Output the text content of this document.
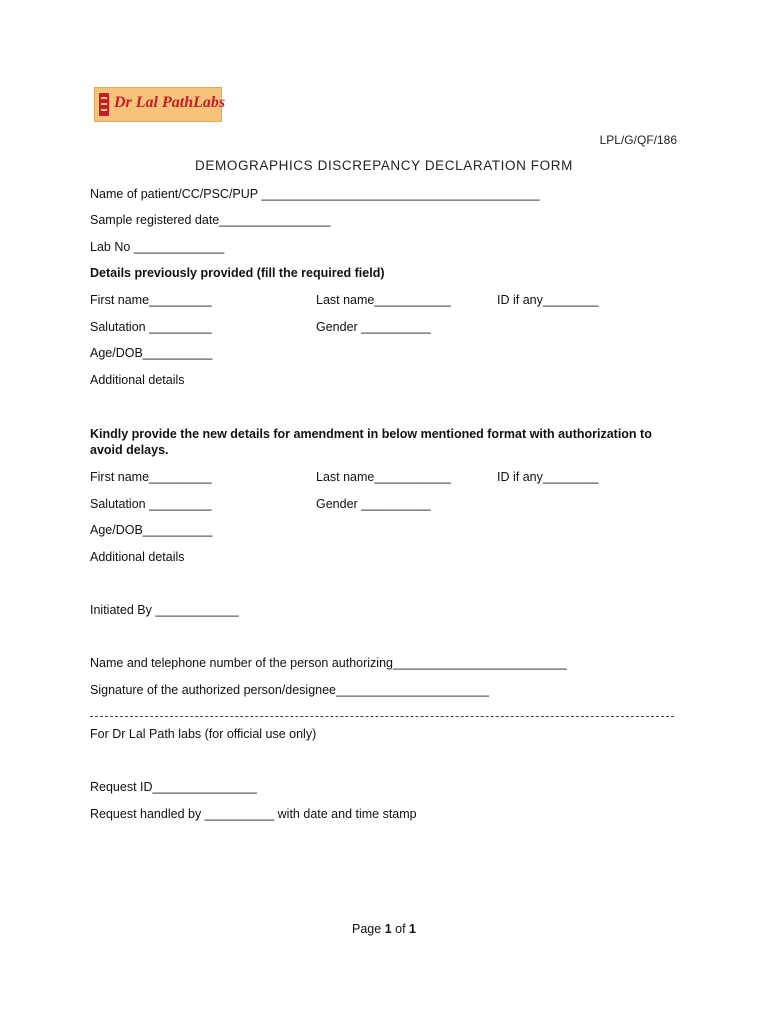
Dr Lal PathLabs
LPL/G/QF/186
DEMOGRAPHICS DISCREPANCY DECLARATION FORM
Name of patient/CC/PSC/PUP ________________________________________
Sample registered date________________
Lab No _____________
Details previously provided (fill the required field)
First name_________	Last name___________	ID if any________
Salutation _________	Gender __________
Age/DOB__________
Additional details
Kindly provide the new details for amendment in below mentioned format with authorization to avoid delays.
First name_________	Last name___________	ID if any________
Salutation _________	Gender __________
Age/DOB__________
Additional details
Initiated By ____________
Name and telephone number of the person authorizing_________________________
Signature of the authorized person/designee______________________
For Dr Lal Path labs (for official use only)
Request ID_______________
Request handled by __________ with date and time stamp
Page 1 of 1
